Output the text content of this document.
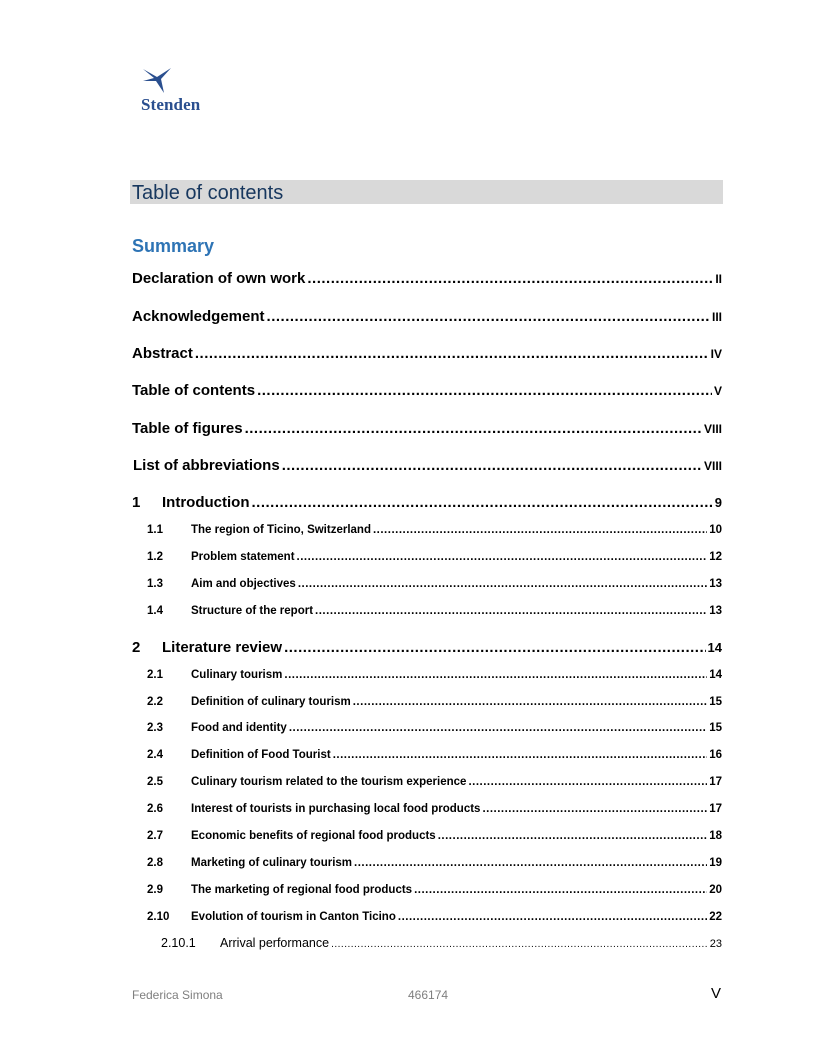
Stenden
Table of contents
Summary
Declaration of own work .....	II
Acknowledgement .....	III
Abstract .....	IV
Table of contents .....	V
Table of figures .....	VIII
List of abbreviations .....	VIII
1	Introduction .....	9
1.1	The region of Ticino, Switzerland .....	10
1.2	Problem statement .....	12
1.3	Aim and objectives .....	13
1.4	Structure of the report .....	13
2	Literature review .....	14
2.1	Culinary tourism .....	14
2.2	Definition of culinary tourism .....	15
2.3	Food and identity .....	15
2.4	Definition of Food Tourist .....	16
2.5	Culinary tourism related to the tourism experience .....	17
2.6	Interest of tourists in purchasing local food products .....	17
2.7	Economic benefits of regional food products .....	18
2.8	Marketing of culinary tourism .....	19
2.9	The marketing of regional food products .....	20
2.10	Evolution of tourism in Canton Ticino .....	22
2.10.1	Arrival performance .....	23
Federica Simona	466174	V
